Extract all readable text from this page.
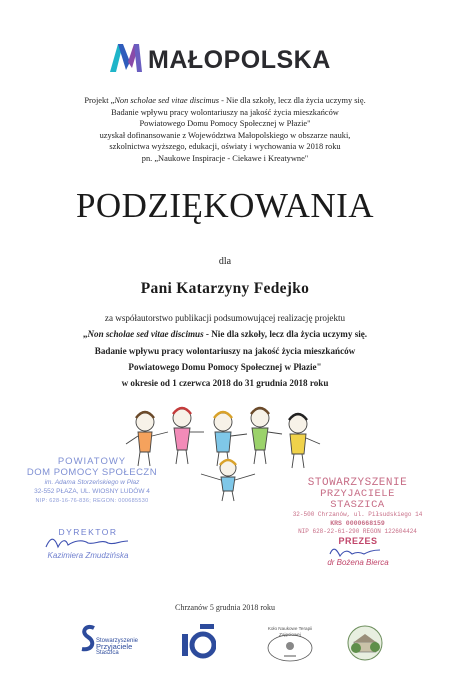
MAŁOPOLSKA
Projekt „Non scholae sed vitae discimus - Nie dla szkoły, lecz dla życia uczymy się.
Badanie wpływu pracy wolontariuszy na jakość życia mieszkańców
Powiatowego Domu Pomocy Społecznej w Płazie"
uzyskał dofinansowanie z Województwa Małopolskiego w obszarze nauki,
szkolnictwa wyższego, edukacji, oświaty i wychowania w 2018 roku
pn. „Naukowe Inspiracje - Ciekawe i Kreatywne"
PODZIĘKOWANIA
dla
Pani Katarzyny Fedejko
za współautorstwo publikacji podsumowującej realizację projektu
„Non scholae sed vitae discimus - Nie dla szkoły, lecz dla życia uczymy się.
Badanie wpływu pracy wolontariuszy na jakość życia mieszkańców
Powiatowego Domu Pomocy Społecznej w Płazie"
w okresie od 1 czerwca 2018 do 31 grudnia 2018 roku
POWIATOWY
DOM POMOCY SPOŁECZN
im. Adama Storzeńskiego w Płaz
32-552 PŁAZA, UL. WIOSNY LUDÓW 4
NIP: 628-16-76-836; REGON: 000685530
STOWARZYSZENIE
PRZYJACIELE STASZICA
32-500 Chrzanów, ul. Piłsudskiego 14
KRS 0000668159
NIP 628-22-61-290 REGON 122604424
DYREKTOR
Kazimiera Zmudzińska
PREZES
dr Bożena Bierca
Chrzanów 5 grudnia 2018 roku
Stowarzyszenie
Przyjaciele
Staszica
Koło Naukowe Terapii Zajęciowej
